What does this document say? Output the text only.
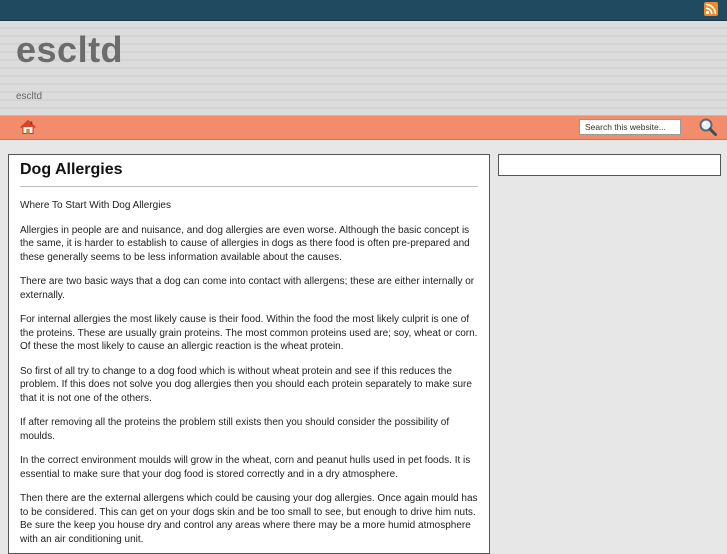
escltd
escltd
Search this website...
Dog Allergies

Where To Start With Dog Allergies

Allergies in people are and nuisance, and dog allergies are even worse. Although the basic concept is the same, it is harder to establish to cause of allergies in dogs as there food is often pre-prepared and these generally seems to be less information available about the causes.

There are two basic ways that a dog can come into contact with allergens; these are either internally or externally.

For internal allergies the most likely cause is their food. Within the food the most likely culprit is one of the proteins. These are usually grain proteins. The most common proteins used are; soy, wheat or corn. Of these the most likely to cause an allergic reaction is the wheat protein.

So first of all try to change to a dog food which is without wheat protein and see if this reduces the problem. If this does not solve you dog allergies then you should each protein separately to make sure that it is not one of the others.

If after removing all the proteins the problem still exists then you should consider the possibility of moulds.

In the correct environment moulds will grow in the wheat, corn and peanut hulls used in pet foods. It is essential to make sure that your dog food is stored correctly and in a dry atmosphere.

Then there are the external allergens which could be causing your dog allergies. Once again mould has to be considered. This can get on your dogs skin and be too small to see, but enough to drive him nuts. Be sure the keep you house dry and control any areas where there may be a more humid atmosphere with an air conditioning unit.
